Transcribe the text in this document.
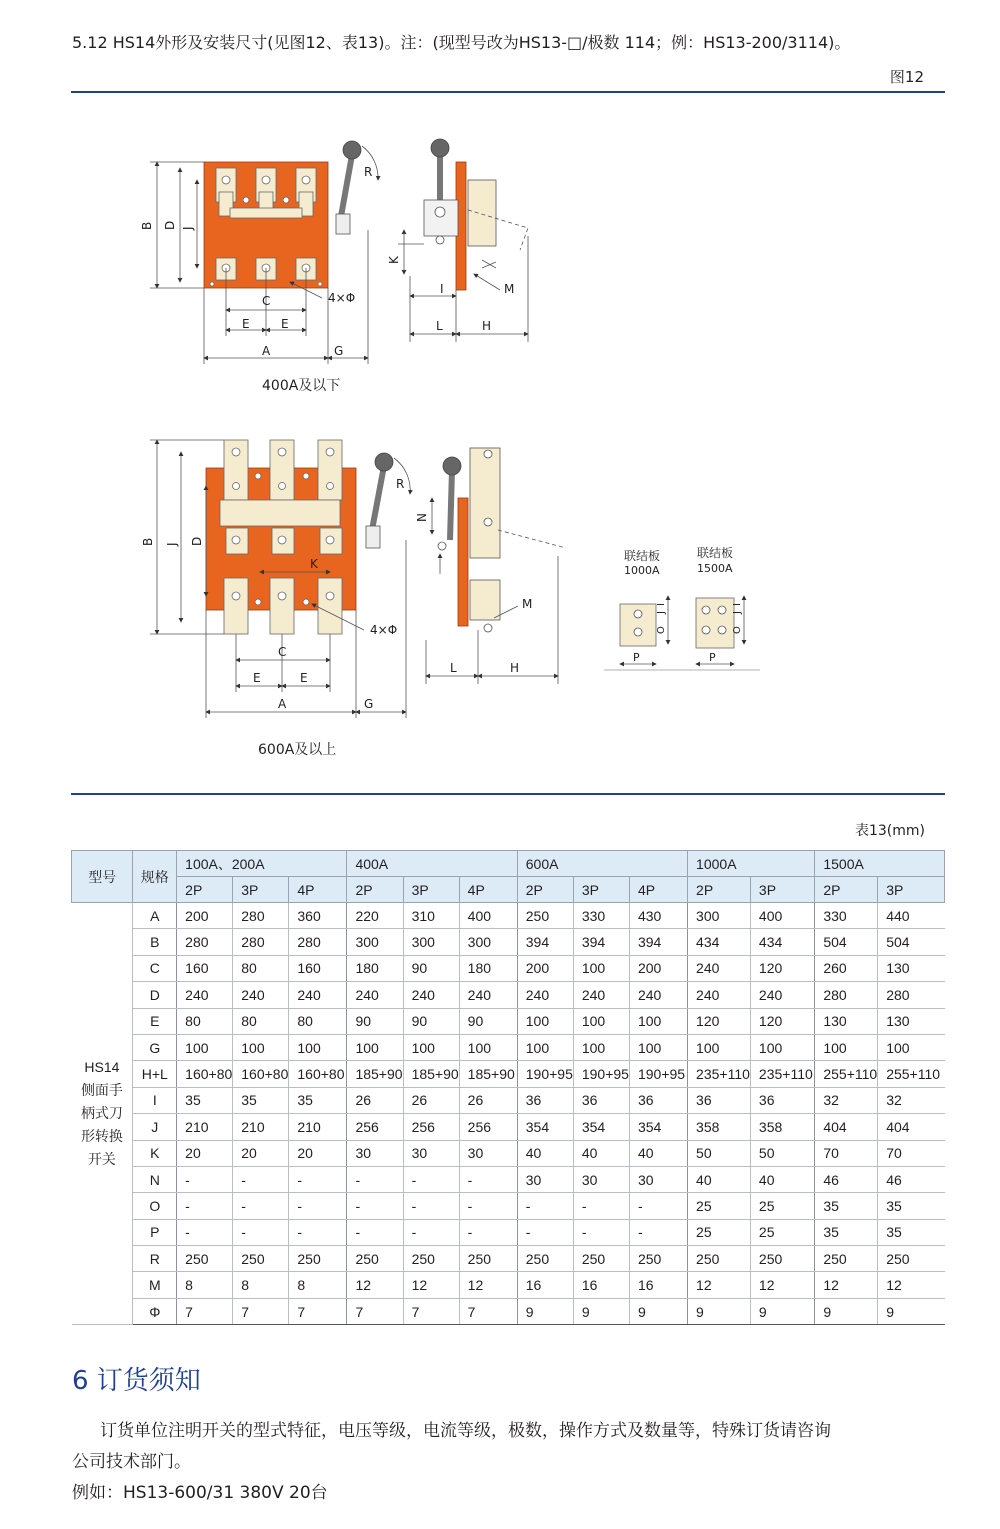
5.12 HS14外形及安装尺寸(见图12、表13)。注：(现型号改为HS13-□/极数 114；例：HS13-200/3114)。
图12
B D J
C
E	E
A	G
R
4×Φ
K
I
L	H
M
B J D
K
C
E	E
A	G
R
4×Φ
N
L	H
M
联结板
1000A
联结板
1500A
J
I
O
P
J
I
O
P
400A及以下
600A及以上
表13(mm)
型号	规格	100A、200A			400A			600A			1000A		1500A	
		2P	3P	4P	2P	3P	4P	2P	3P	4P	2P	3P	2P	3P

HS14
侧面手
柄式刀
形转换
开关	A	200	280	360	220	310	400	250	330	430	300	400	330	440
	B	280	280	280	300	300	300	394	394	394	434	434	504	504
	C	160	80	160	180	90	180	200	100	200	240	120	260	130
	D	240	240	240	240	240	240	240	240	240	240	240	280	280
	E	80	80	80	90	90	90	100	100	100	120	120	130	130
	G	100	100	100	100	100	100	100	100	100	100	100	100	100
	H+L	160+80	160+80	160+80	185+90	185+90	185+90	190+95	190+95	190+95	235+110	235+110	255+110	255+110
	I	35	35	35	26	26	26	36	36	36	36	36	32	32
	J	210	210	210	256	256	256	354	354	354	358	358	404	404
	K	20	20	20	30	30	30	40	40	40	50	50	70	70
	N	-	-	-	-	-	-	30	30	30	40	40	46	46
	O	-	-	-	-	-	-	-	-	-	25	25	35	35
	P	-	-	-	-	-	-	-	-	-	25	25	35	35
	R	250	250	250	250	250	250	250	250	250	250	250	250	250
	M	8	8	8	12	12	12	16	16	16	12	12	12	12
	Φ	7	7	7	7	7	7	9	9	9	9	9	9	9
6 订货须知
订货单位注明开关的型式特征，电压等级，电流等级，极数，操作方式及数量等，特殊订货请咨询
公司技术部门。
例如：HS13-600/31 380V 20台
